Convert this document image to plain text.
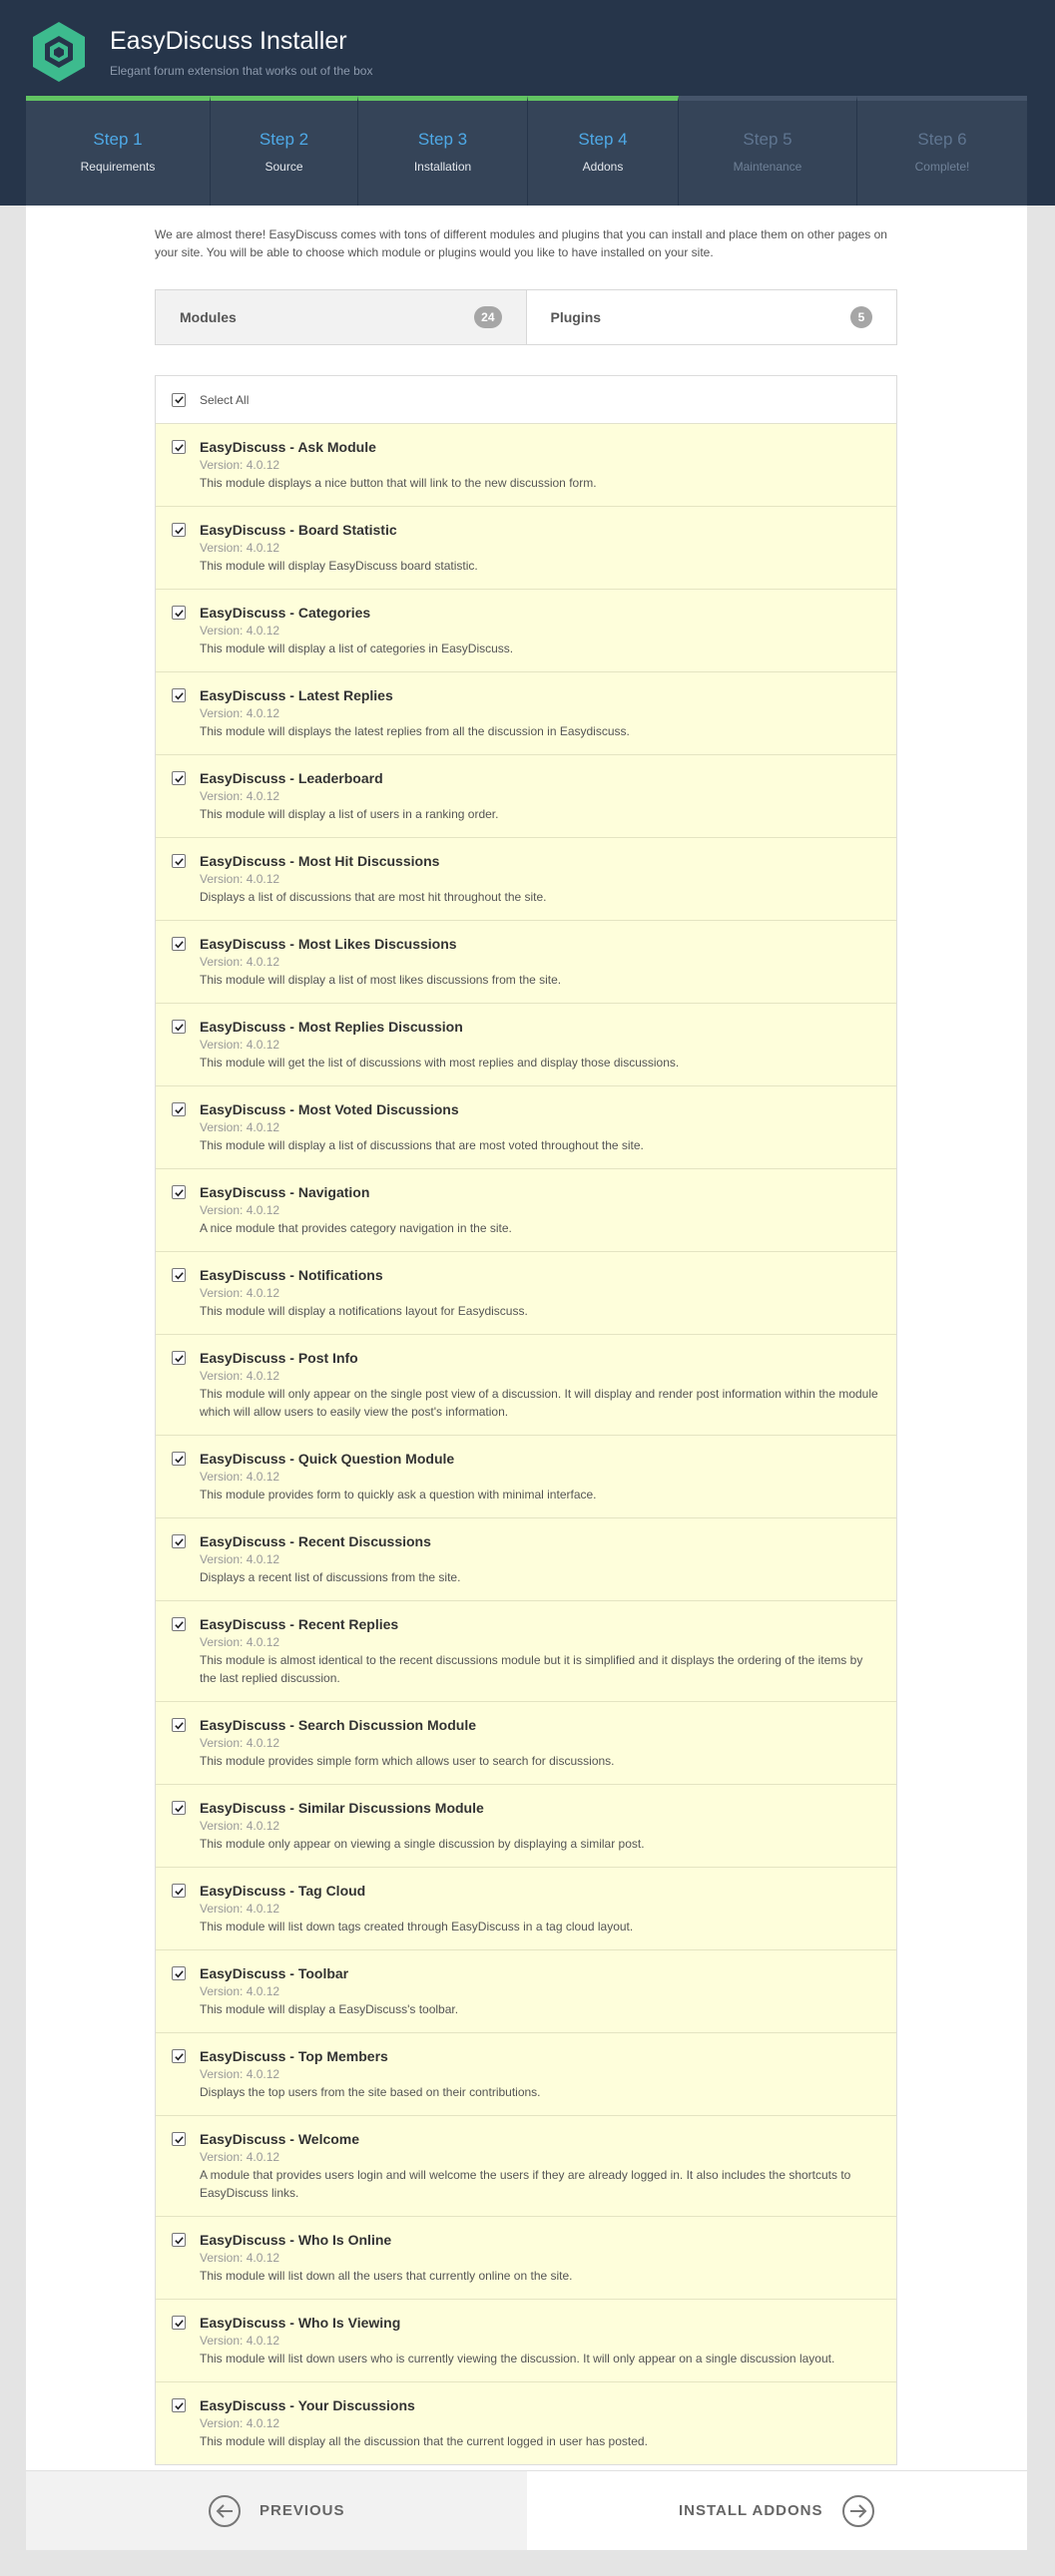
EasyDiscuss Installer
Elegant forum extension that works out of the box
Step 1
Requirements
Step 2
Source
Step 3
Installation
Step 4
Addons
Step 5
Maintenance
Step 6
Complete!

We are almost there! EasyDiscuss comes with tons of different modules and plugins that you can install and place them on other pages on your site. You will be able to choose which module or plugins would you like to have installed on your site.

Modules	24	Plugins	5
Select All
EasyDiscuss - Ask Module
Version: 4.0.12
This module displays a nice button that will link to the new discussion form.
EasyDiscuss - Board Statistic
Version: 4.0.12
This module will display EasyDiscuss board statistic.
EasyDiscuss - Categories
Version: 4.0.12
This module will display a list of categories in EasyDiscuss.
EasyDiscuss - Latest Replies
Version: 4.0.12
This module will displays the latest replies from all the discussion in Easydiscuss.
EasyDiscuss - Leaderboard
Version: 4.0.12
This module will display a list of users in a ranking order.
EasyDiscuss - Most Hit Discussions
Version: 4.0.12
Displays a list of discussions that are most hit throughout the site.
EasyDiscuss - Most Likes Discussions
Version: 4.0.12
This module will display a list of most likes discussions from the site.
EasyDiscuss - Most Replies Discussion
Version: 4.0.12
This module will get the list of discussions with most replies and display those discussions.
EasyDiscuss - Most Voted Discussions
Version: 4.0.12
This module will display a list of discussions that are most voted throughout the site.
EasyDiscuss - Navigation
Version: 4.0.12
A nice module that provides category navigation in the site.
EasyDiscuss - Notifications
Version: 4.0.12
This module will display a notifications layout for Easydiscuss.
EasyDiscuss - Post Info
Version: 4.0.12
This module will only appear on the single post view of a discussion. It will display and render post information within the module which will allow users to easily view the post's information.
EasyDiscuss - Quick Question Module
Version: 4.0.12
This module provides form to quickly ask a question with minimal interface.
EasyDiscuss - Recent Discussions
Version: 4.0.12
Displays a recent list of discussions from the site.
EasyDiscuss - Recent Replies
Version: 4.0.12
This module is almost identical to the recent discussions module but it is simplified and it displays the ordering of the items by the last replied discussion.
EasyDiscuss - Search Discussion Module
Version: 4.0.12
This module provides simple form which allows user to search for discussions.
EasyDiscuss - Similar Discussions Module
Version: 4.0.12
This module only appear on viewing a single discussion by displaying a similar post.
EasyDiscuss - Tag Cloud
Version: 4.0.12
This module will list down tags created through EasyDiscuss in a tag cloud layout.
EasyDiscuss - Toolbar
Version: 4.0.12
This module will display a EasyDiscuss's toolbar.
EasyDiscuss - Top Members
Version: 4.0.12
Displays the top users from the site based on their contributions.
EasyDiscuss - Welcome
Version: 4.0.12
A module that provides users login and will welcome the users if they are already logged in. It also includes the shortcuts to EasyDiscuss links.
EasyDiscuss - Who Is Online
Version: 4.0.12
This module will list down all the users that currently online on the site.
EasyDiscuss - Who Is Viewing
Version: 4.0.12
This module will list down users who is currently viewing the discussion. It will only appear on a single discussion layout.
EasyDiscuss - Your Discussions
Version: 4.0.12
This module will display all the discussion that the current logged in user has posted.
PREVIOUS	INSTALL ADDONS
